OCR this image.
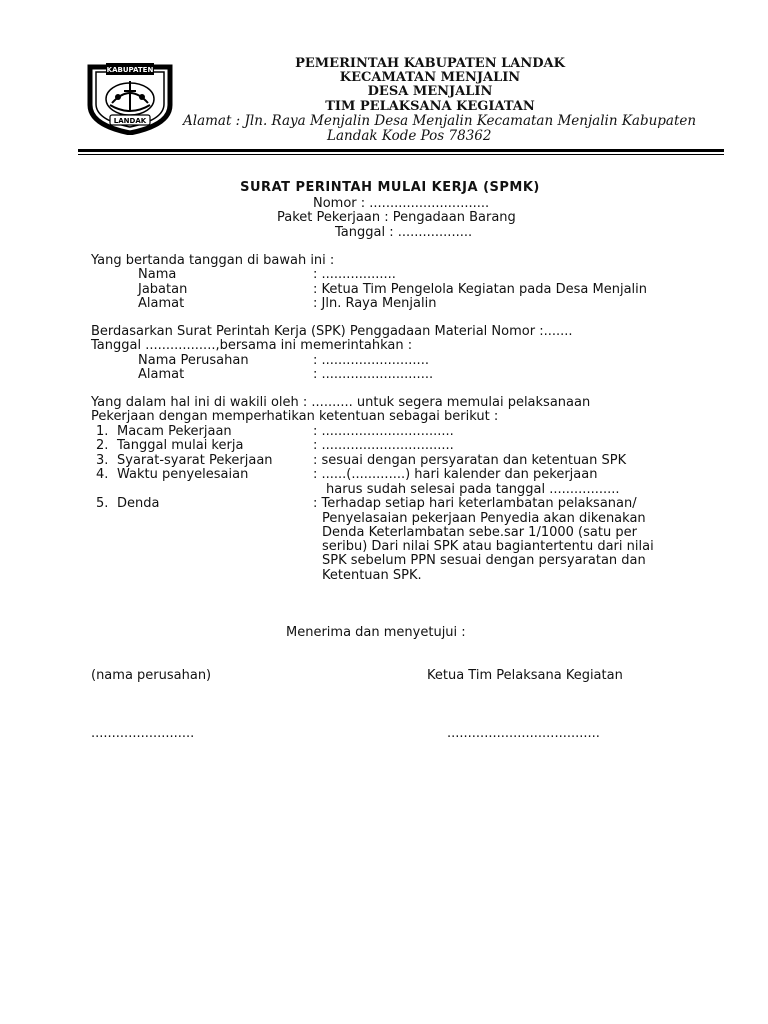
KABUPATEN
LANDAK
PEMERINTAH KABUPATEN LANDAK
KECAMATAN MENJALIN
DESA MENJALIN
TIM PELAKSANA KEGIATAN
Alamat : Jln. Raya Menjalin Desa Menjalin Kecamatan Menjalin Kabupaten
Landak Kode Pos 78362
SURAT PERINTAH MULAI KERJA (SPMK)
Nomor : .............................
Paket Pekerjaan : Pengadaan Barang
Tanggal : ..................
Yang bertanda tanggan di bawah ini :
Nama	: ..................
Jabatan	: Ketua Tim Pengelola Kegiatan pada Desa Menjalin
Alamat	: Jln. Raya Menjalin
Berdasarkan Surat Perintah Kerja (SPK) Penggadaan Material Nomor :.......
Tanggal .................,bersama ini memerintahkan :
Nama Perusahan	: ..........................
Alamat	: ...........................
Yang dalam hal ini di wakili oleh : .......... untuk segera memulai pelaksanaan
Pekerjaan dengan memperhatikan ketentuan sebagai berikut :
1. Macam Pekerjaan	: ................................
2. Tanggal mulai kerja	: ................................
3. Syarat-syarat Pekerjaan	: sesuai dengan persyaratan dan ketentuan SPK
4. Waktu penyelesaian	: ......(.............) hari kalender dan pekerjaan
harus sudah selesai pada tanggal .................
5. Denda	: Terhadap setiap hari keterlambatan pelaksanan/
Penyelasaian pekerjaan Penyedia akan dikenakan
Denda Keterlambatan sebe.sar 1/1000 (satu per
seribu) Dari nilai SPK atau bagiantertentu dari nilai
SPK sebelum PPN sesuai dengan persyaratan dan
Ketentuan SPK.
Menerima dan menyetujui :
(nama perusahan)	Ketua Tim Pelaksana Kegiatan
.........................	.....................................
